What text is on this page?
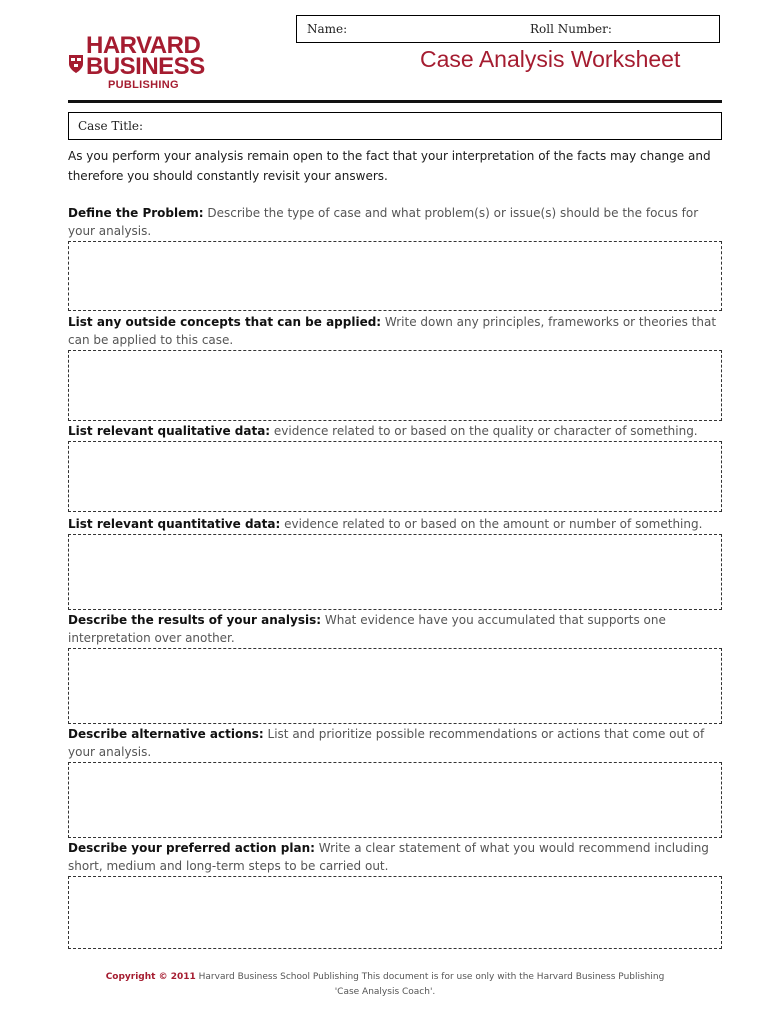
HARVARD
BUSINESS
PUBLISHING
Name:	Roll Number:
Case Analysis Worksheet
Case Title:
As you perform your analysis remain open to the fact that your interpretation of the facts may change and therefore you should constantly revisit your answers.
Define the Problem: Describe the type of case and what problem(s) or issue(s) should be the focus for your analysis.
List any outside concepts that can be applied: Write down any principles, frameworks or theories that can be applied to this case.
List relevant qualitative data: evidence related to or based on the quality or character of something.
List relevant quantitative data: evidence related to or based on the amount or number of something.
Describe the results of your analysis: What evidence have you accumulated that supports one interpretation over another.
Describe alternative actions: List and prioritize possible recommendations or actions that come out of your analysis.
Describe your preferred action plan: Write a clear statement of what you would recommend including short, medium and long-term steps to be carried out.
Copyright © 2011 Harvard Business School Publishing This document is for use only with the Harvard Business Publishing 'Case Analysis Coach'.
